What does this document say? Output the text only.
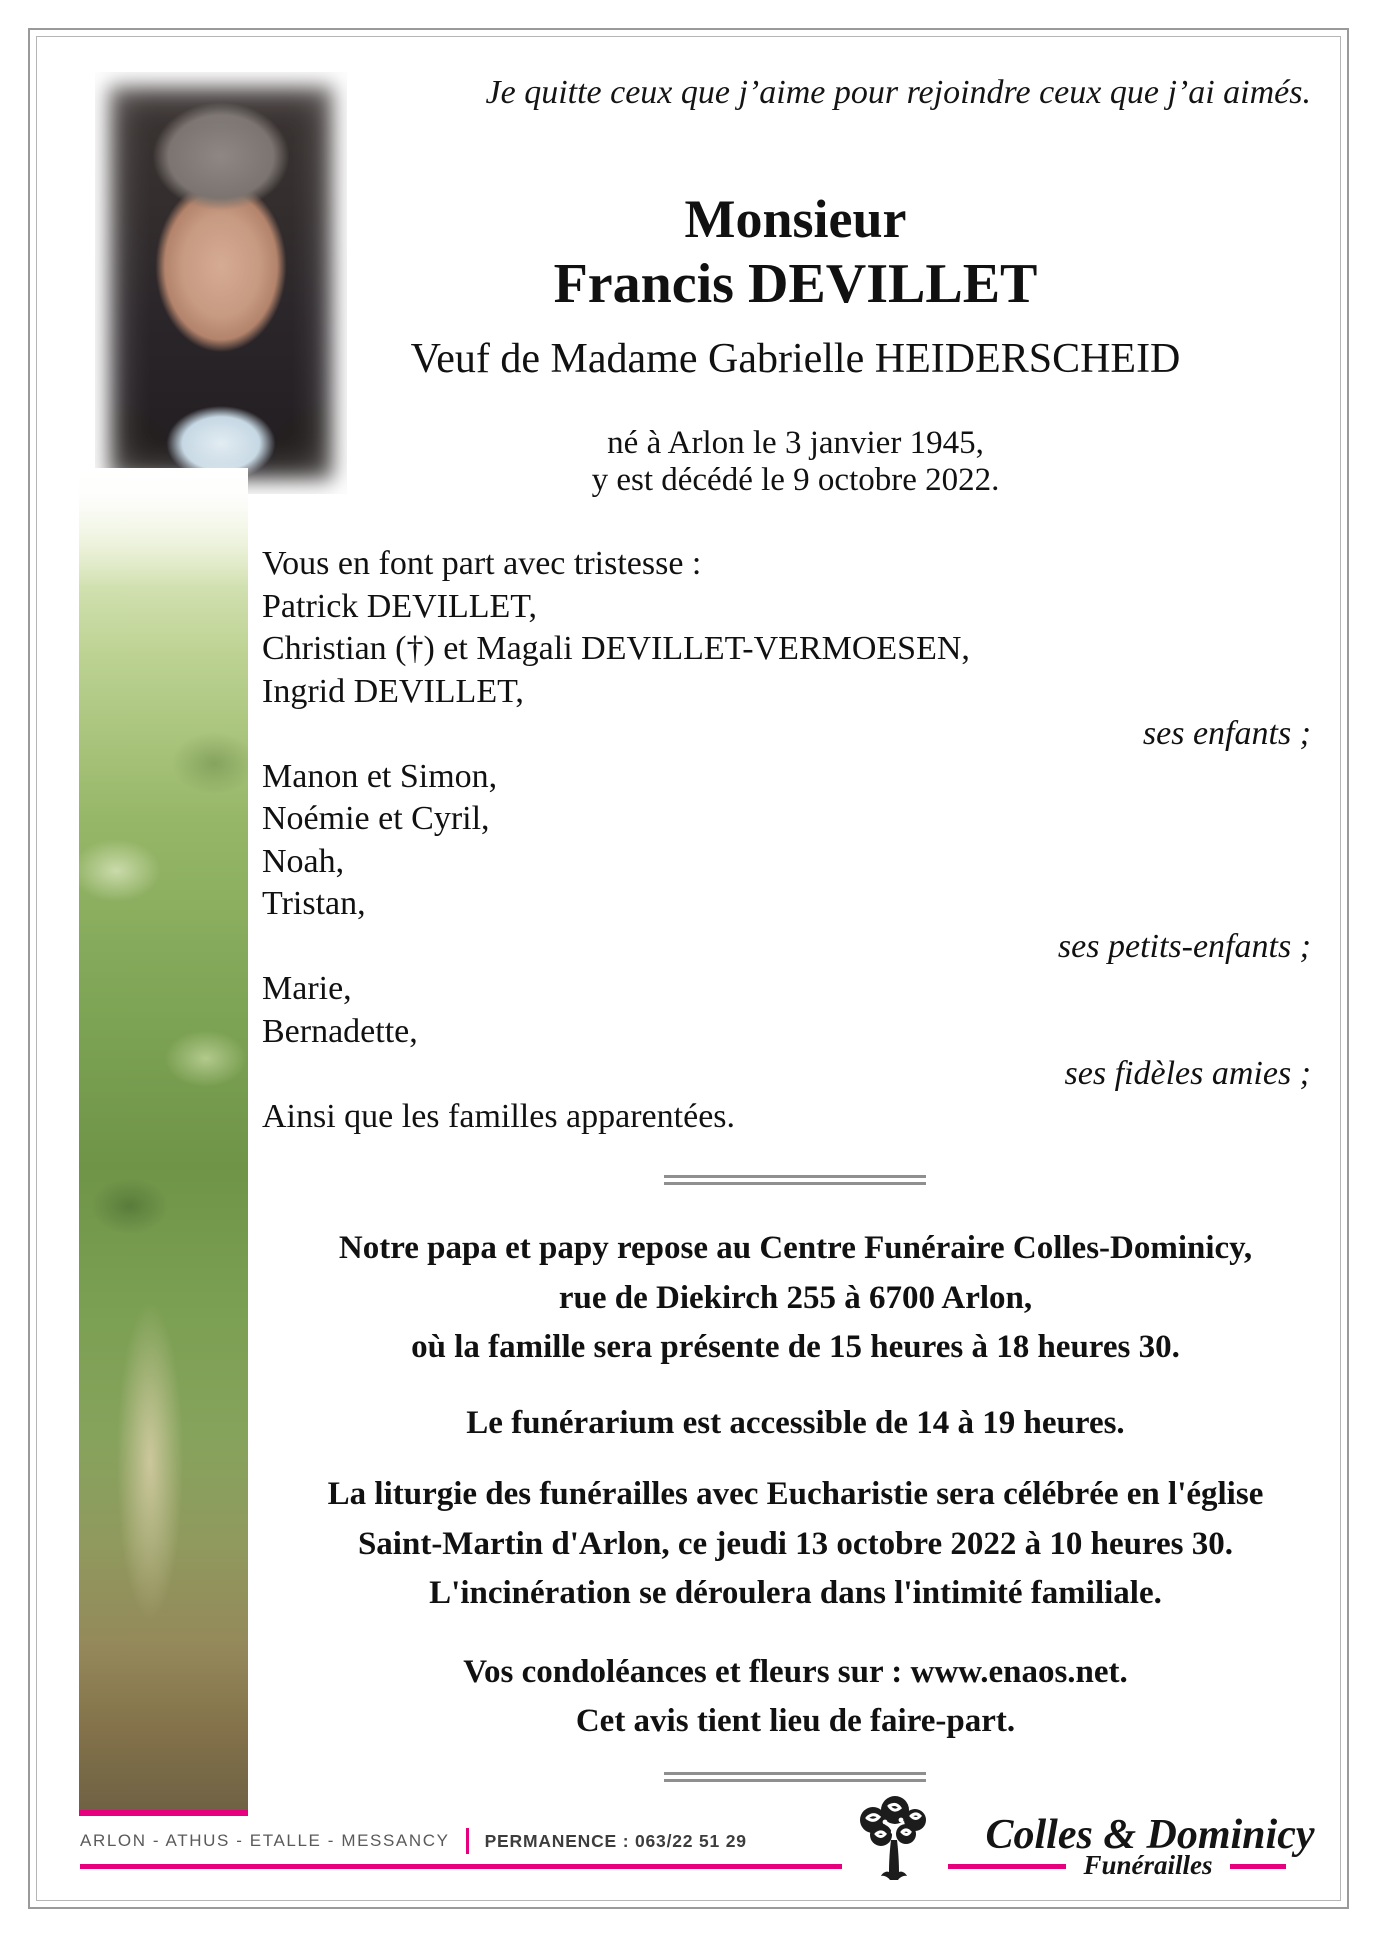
Je quitte ceux que j’aime pour rejoindre ceux que j’ai aimés.
Monsieur
Francis DEVILLET
Veuf de Madame Gabrielle HEIDERSCHEID
né à Arlon le 3 janvier 1945,
y est décédé le 9 octobre 2022.
Vous en font part avec tristesse :
Patrick DEVILLET,
Christian (†) et Magali DEVILLET-VERMOESEN,
Ingrid DEVILLET,
ses enfants ;
Manon et Simon,
Noémie et Cyril,
Noah,
Tristan,
ses petits-enfants ;
Marie,
Bernadette,
ses fidèles amies ;
Ainsi que les familles apparentées.
Notre papa et papy repose au Centre Funéraire Colles-Dominicy,
rue de Diekirch 255 à 6700 Arlon,
où la famille sera présente de 15 heures à 18 heures 30.
Le funérarium est accessible de 14 à 19 heures.
La liturgie des funérailles avec Eucharistie sera célébrée en l'église
Saint-Martin d'Arlon, ce jeudi 13 octobre 2022 à 10 heures 30.
L'incinération se déroulera dans l'intimité familiale.
Vos condoléances et fleurs sur : www.enaos.net.
Cet avis tient lieu de faire-part.
ARLON - ATHUS - ETALLE - MESSANCY PERMANENCE : 063/22 51 29	Colles & Dominicy
Funérailles
